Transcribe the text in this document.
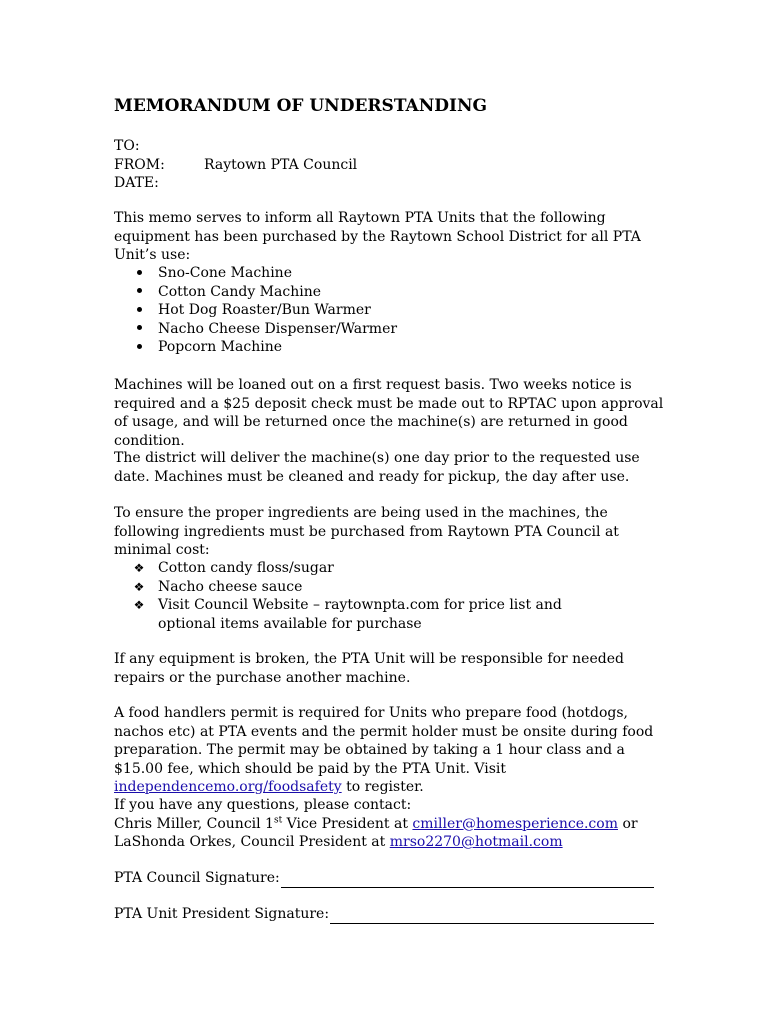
MEMORANDUM OF UNDERSTANDING
TO:
FROM:	Raytown PTA Council
DATE:

This memo serves to inform all Raytown PTA Units that the following equipment has been purchased by the Raytown School District for all PTA Unit’s use:

Sno-Cone Machine
Cotton Candy Machine
Hot Dog Roaster/Bun Warmer
Nacho Cheese Dispenser/Warmer
Popcorn Machine

Machines will be loaned out on a first request basis. Two weeks notice is required and a $25 deposit check must be made out to RPTAC upon approval of usage, and will be returned once the machine(s) are returned in good condition.

The district will deliver the machine(s) one day prior to the requested use date. Machines must be cleaned and ready for pickup, the day after use.

To ensure the proper ingredients are being used in the machines, the following ingredients must be purchased from Raytown PTA Council at minimal cost:

❖ Cotton candy floss/sugar
❖ Nacho cheese sauce
❖ Visit Council Website – raytownpta.com for price list and optional items available for purchase

If any equipment is broken, the PTA Unit will be responsible for needed repairs or the purchase another machine.

A food handlers permit is required for Units who prepare food (hotdogs, nachos etc) at PTA events and the permit holder must be onsite during food preparation. The permit may be obtained by taking a 1 hour class and a $15.00 fee, which should be paid by the PTA Unit. Visit independencemo.org/foodsafety to register.

If you have any questions, please contact:
Chris Miller, Council 1st Vice President at cmiller@homesperience.com or
LaShonda Orkes, Council President at mrso2270@hotmail.com
PTA Council Signature:
PTA Unit President Signature:
